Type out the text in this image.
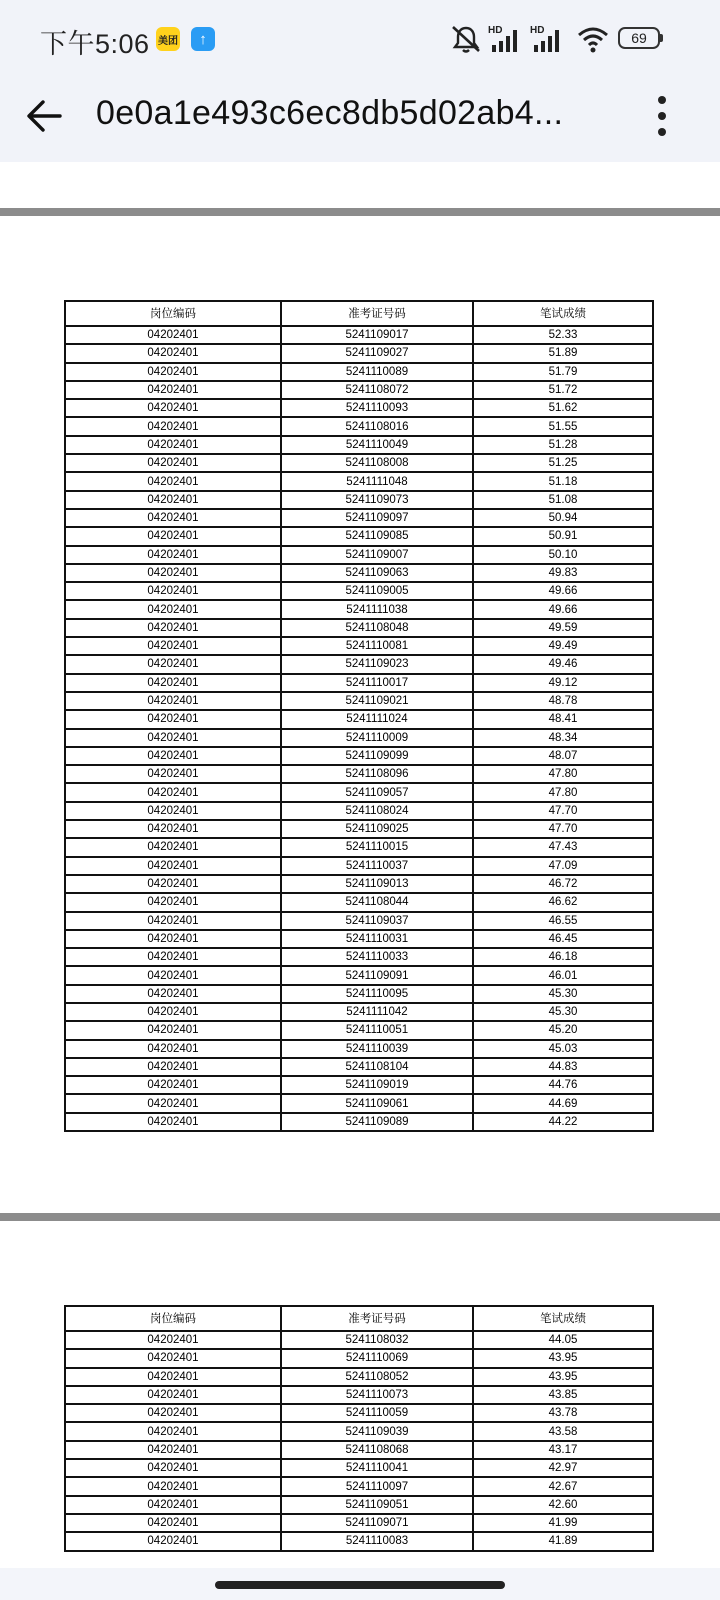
下午5:06 美团	↑	HD	HD	69
0e0a1e493c6ec8db5d02ab4...
岗位编码	准考证号码	笔试成绩
04202401	5241109017	52.33
04202401	5241109027	51.89
04202401	5241110089	51.79
04202401	5241108072	51.72
04202401	5241110093	51.62
04202401	5241108016	51.55
04202401	5241110049	51.28
04202401	5241108008	51.25
04202401	5241111048	51.18
04202401	5241109073	51.08
04202401	5241109097	50.94
04202401	5241109085	50.91
04202401	5241109007	50.10
04202401	5241109063	49.83
04202401	5241109005	49.66
04202401	5241111038	49.66
04202401	5241108048	49.59
04202401	5241110081	49.49
04202401	5241109023	49.46
04202401	5241110017	49.12
04202401	5241109021	48.78
04202401	5241111024	48.41
04202401	5241110009	48.34
04202401	5241109099	48.07
04202401	5241108096	47.80
04202401	5241109057	47.80
04202401	5241108024	47.70
04202401	5241109025	47.70
04202401	5241110015	47.43
04202401	5241110037	47.09
04202401	5241109013	46.72
04202401	5241108044	46.62
04202401	5241109037	46.55
04202401	5241110031	46.45
04202401	5241110033	46.18
04202401	5241109091	46.01
04202401	5241110095	45.30
04202401	5241111042	45.30
04202401	5241110051	45.20
04202401	5241110039	45.03
04202401	5241108104	44.83
04202401	5241109019	44.76
04202401	5241109061	44.69
04202401	5241109089	44.22
岗位编码	准考证号码	笔试成绩
04202401	5241108032	44.05
04202401	5241110069	43.95
04202401	5241108052	43.95
04202401	5241110073	43.85
04202401	5241110059	43.78
04202401	5241109039	43.58
04202401	5241108068	43.17
04202401	5241110041	42.97
04202401	5241110097	42.67
04202401	5241109051	42.60
04202401	5241109071	41.99
04202401	5241110083	41.89
